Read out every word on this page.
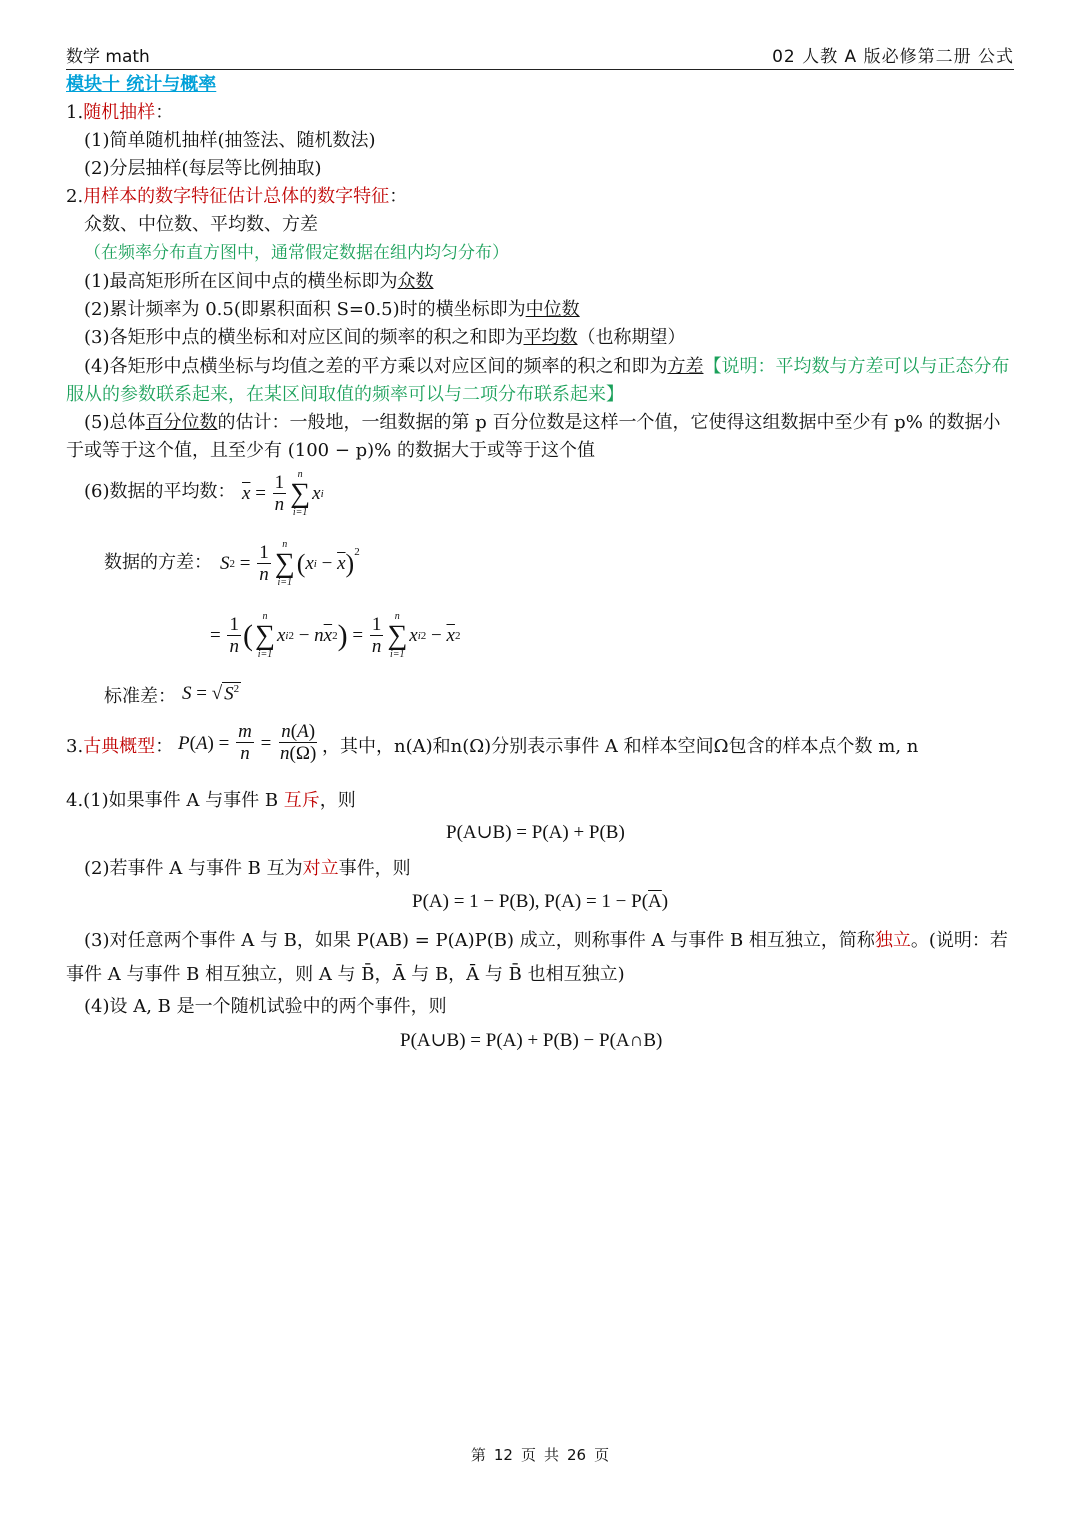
数学 math	02 人教 A 版必修第二册 公式
模块十 统计与概率
1.随机抽样：
(1)简单随机抽样(抽签法、随机数法)
(2)分层抽样(每层等比例抽取)
2.用样本的数字特征估计总体的数字特征：
众数、中位数、平均数、方差
（在频率分布直方图中，通常假定数据在组内均匀分布）
(1)最高矩形所在区间中点的横坐标即为众数
(2)累计频率为 0.5(即累积面积 S=0.5)时的横坐标即为中位数
(3)各矩形中点的横坐标和对应区间的频率的积之和即为平均数（也称期望）
(4)各矩形中点横坐标与均值之差的平方乘以对应区间的频率的积之和即为方差【说明：平均数与方差可以与正态分布服从的参数联系起来，在某区间取值的频率可以与二项分布联系起来】
(5)总体百分位数的估计：一般地，一组数据的第 p 百分位数是这样一个值，它使得这组数据中至少有 p% 的数据小于或等于这个值，且至少有 (100 − p)% 的数据大于或等于这个值
(6)数据的平均数： $\overline{x} = \frac{1}{n}$ n
∑
i=1
x i
数据的方差： S $2 = \frac{1}{n}$ n
∑
i=1
( x $i - \overline{x}$ )$^2$
= $\frac{1}{n}$ (
n
∑
i=1
x i 2 − n $\overline{x}$ 2 ) = $\frac{1}{n}$ n
∑
i=1
x i $2 - \overline{x}$ 2
标准差： S = √ $S^2$
3.古典概型： P ( A ) = $\frac{m}{n} = \frac{n(A)}{n(\Omega)}$ ，其中，n(A)和n(Ω)分别表示事件 A 和样本空间Ω包含的样本点个数 m, n
4.(1)如果事件 A 与事件 B 互斥，则
P(A∪B) = P(A) + P(B)
(2)若事件 A 与事件 B 互为对立事件，则
P(A) = 1 − P(B), P(A) = 1 − P( $\overline{A}$ )
(3)对任意两个事件 A 与 B，如果 P(AB) = P(A)P(B) 成立，则称事件 A 与事件 B 相互独立，简称独立。(说明：若事件 A 与事件 B 相互独立，则 A 与 B̄，Ā 与 B，Ā 与 B̄ 也相互独立)
(4)设 A, B 是一个随机试验中的两个事件，则
P(A∪B) = P(A) + P(B) − P(A∩B)
第 12 页 共 26 页
